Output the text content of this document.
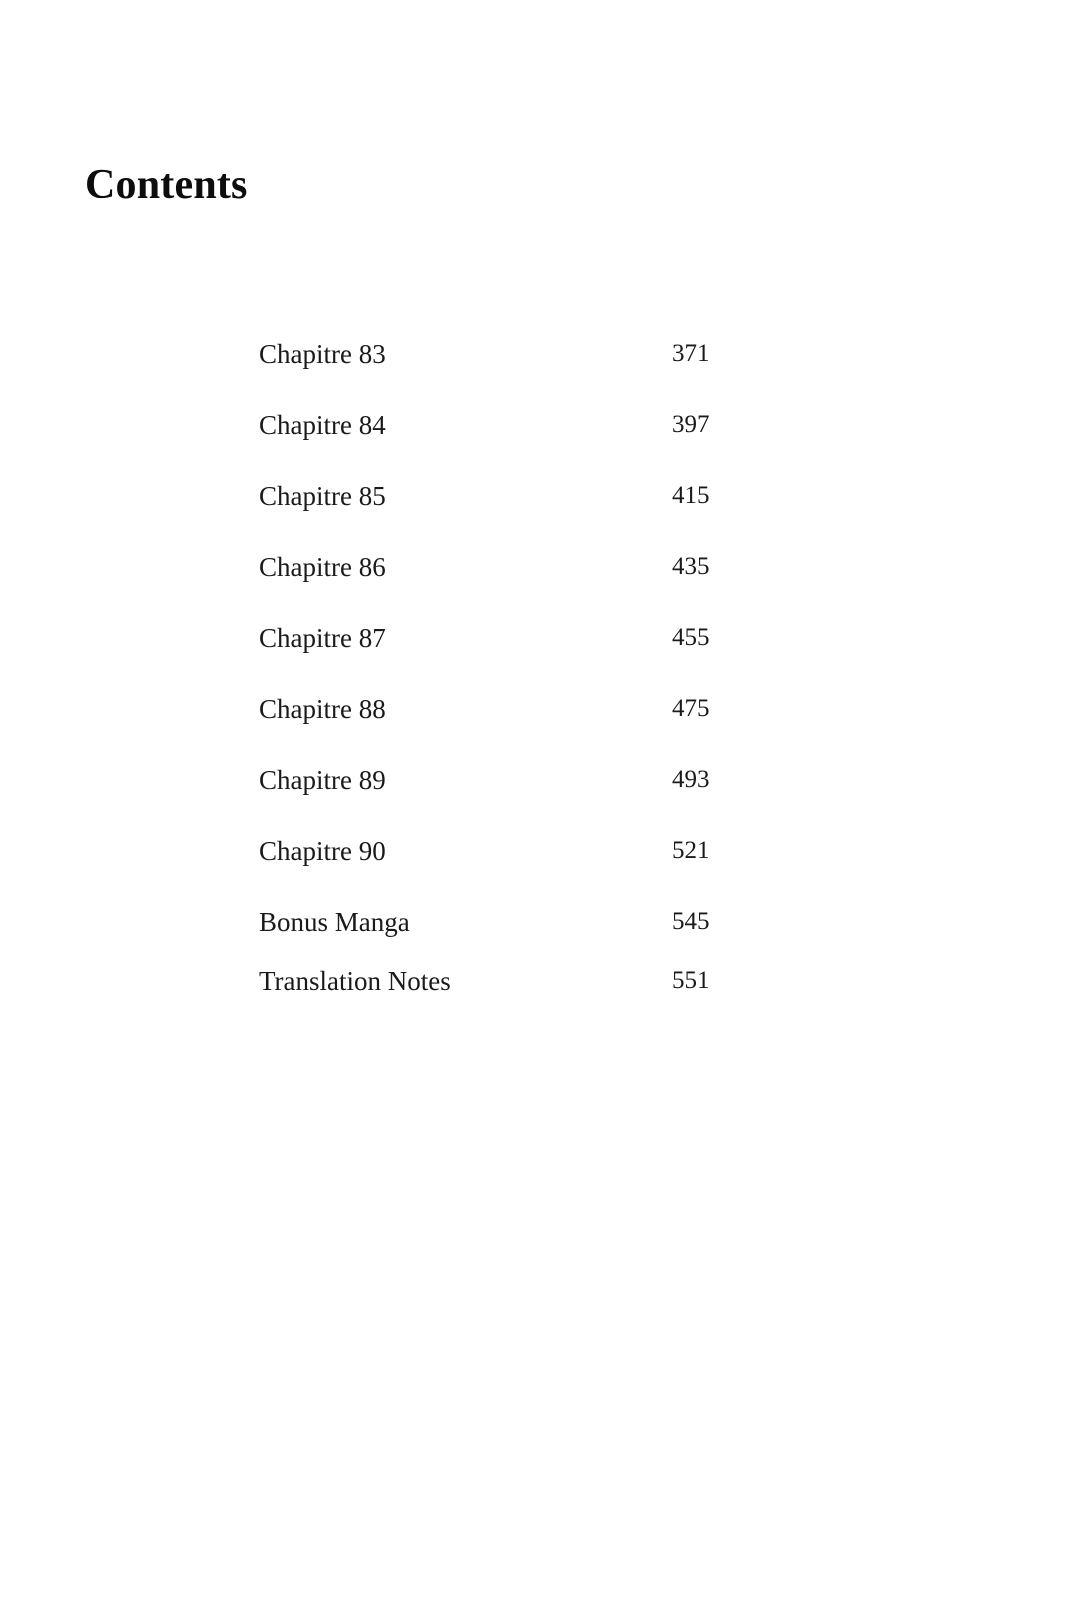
Contents
Chapitre 83	371
Chapitre 84	397
Chapitre 85	415
Chapitre 86	435
Chapitre 87	455
Chapitre 88	475
Chapitre 89	493
Chapitre 90	521
Bonus Manga	545
Translation Notes	551
